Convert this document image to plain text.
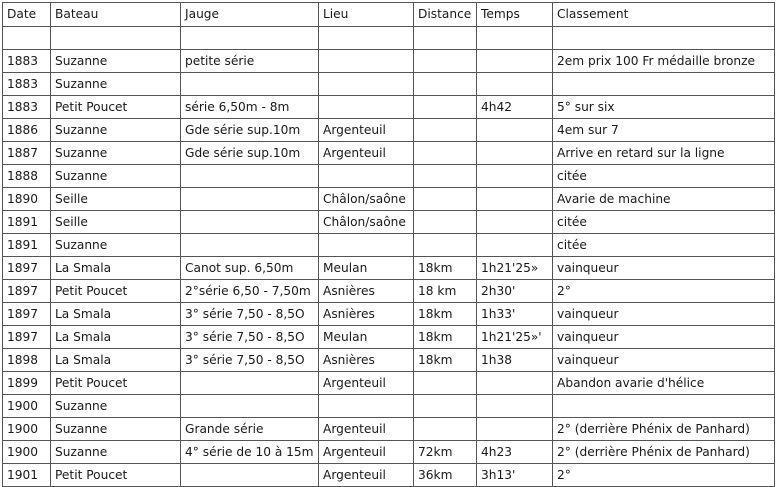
Date	Bateau	Jauge	Lieu	Distance	Temps	Classement

1883	Suzanne	petite série				2em prix 100 Fr médaille bronze
1883	Suzanne					
1883	Petit Poucet	série 6,50m - 8m			4h42	5° sur six
1886	Suzanne	Gde série sup.10m	Argenteuil			4em sur 7
1887	Suzanne	Gde série sup.10m	Argenteuil			Arrive en retard sur la ligne
1888	Suzanne					citée
1890	Seille		Châlon/saône			Avarie de machine
1891	Seille		Châlon/saône			citée
1891	Suzanne					citée
1897	La Smala	Canot sup. 6,50m	Meulan	18km	1h21'25»	vainqueur
1897	Petit Poucet	2°série 6,50 - 7,50m	Asnières	18 km	2h30'	2°
1897	La Smala	3° série 7,50 - 8,5O	Asnières	18km	1h33'	vainqueur
1897	La Smala	3° série 7,50 - 8,5O	Meulan	18km	1h21'25»'	vainqueur
1898	La Smala	3° série 7,50 - 8,5O	Asnières	18km	1h38	vainqueur
1899	Petit Poucet		Argenteuil			Abandon avarie d'hélice
1900	Suzanne					
1900	Suzanne	Grande série	Argenteuil			2° (derrière Phénix de Panhard)
1900	Suzanne	4° série de 10 à 15m	Argenteuil	72km	4h23	2° (derrière Phénix de Panhard)
1901	Petit Poucet		Argenteuil	36km	3h13'	2°
